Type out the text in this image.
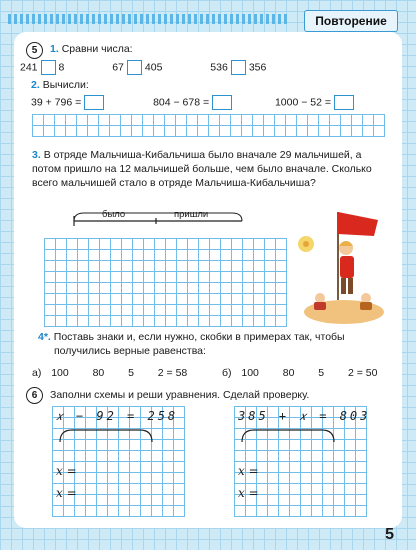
Повторение
5	1. Сравни числа:
241 8	67 405	536 356
2. Вычисли:
39 + 796 =	804 − 678 =	1000 − 52 =
3. В отряде Мальчиша-Кибальчиша было вначале 29 мальчишей, а
потом пришло на 12 мальчишей больше, чем было вначале. Сколько
всего мальчишей стало в отряде Мальчиша-Кибальчиша?
было	пришли
4*. Поставь знаки и, если нужно, скобки в примерах так, чтобы
получились верные равенства:
а) 100 80 5 2 = 58	б) 100 80 5 2 = 50
6	Заполни схемы и реши уравнения. Сделай проверку.
𝑥 − 92 = 258	385 + 𝑥 = 803
𝑥 =
𝑥 =
𝑥 =
𝑥 =
5
